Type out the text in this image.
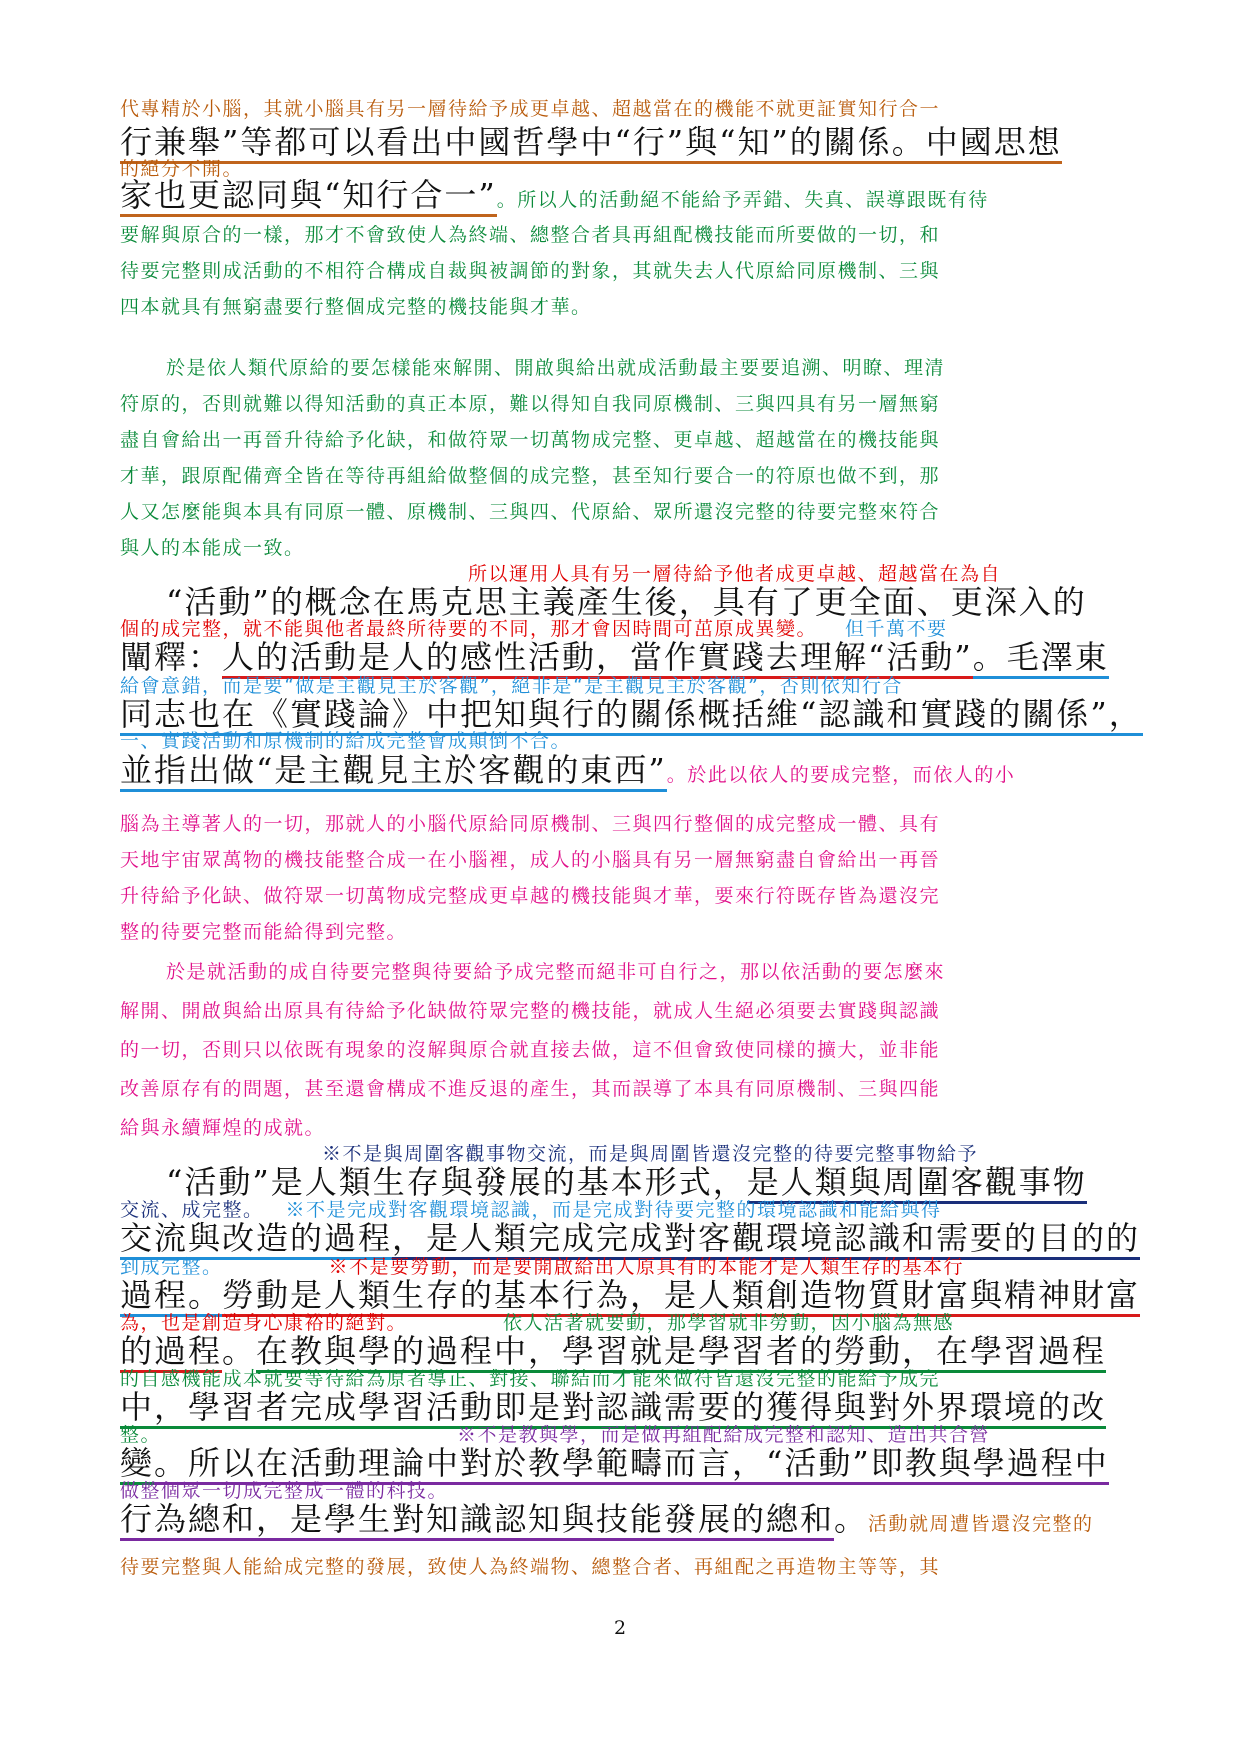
代專精於小腦，其就小腦具有另一層待給予成更卓越、超越當在的機能不就更証實知行合一
行兼舉”等都可以看出中國哲學中“行”與“知”的關係。中國思想
的絕分不開。
家也更認同與“知行合一”。所以人的活動絕不能給予弄錯、失真、誤導跟既有待
要解與原合的一樣，那才不會致使人為終端、總整合者具再組配機技能而所要做的一切，和
待要完整則成活動的不相符合構成自裁與被調節的對象，其就失去人代原給同原機制、三與
四本就具有無窮盡要行整個成完整的機技能與才華。
於是依人類代原給的要怎樣能來解開、開啟與給出就成活動最主要要追溯、明瞭、理清
符原的，否則就難以得知活動的真正本原，難以得知自我同原機制、三與四具有另一層無窮
盡自會給出一再晉升待給予化缺，和做符眾一切萬物成完整、更卓越、超越當在的機技能與
才華，跟原配備齊全皆在等待再組給做整個的成完整，甚至知行要合一的符原也做不到，那
人又怎麼能與本具有同原一體、原機制、三與四、代原給、眾所還沒完整的待要完整來符合
與人的本能成一致。
所以運用人具有另一層待給予他者成更卓越、超越當在為自
“活動”的概念在馬克思主義產生後，具有了更全面、更深入的
個的成完整，就不能與他者最終所待要的不同，那才會因時間可茁原成異變。 但千萬不要
闡釋：人的活動是人的感性活動，當作實踐去理解“活動”。毛澤東
給會意錯，而是要“做是主觀見主於客觀”，絕非是“是主觀見主於客觀”，否則依知行合
同志也在《實踐論》中把知與行的關係概括維“認識和實踐的關係”，
一、實踐活動和原機制的給成完整會成顛倒不合。
並指出做“是主觀見主於客觀的東西”。於此以依人的要成完整，而依人的小
腦為主導著人的一切，那就人的小腦代原給同原機制、三與四行整個的成完整成一體、具有
天地宇宙眾萬物的機技能整合成一在小腦裡，成人的小腦具有另一層無窮盡自會給出一再晉
升待給予化缺、做符眾一切萬物成完整成更卓越的機技能與才華，要來行符既存皆為還沒完
整的待要完整而能給得到完整。
於是就活動的成自待要完整與待要給予成完整而絕非可自行之，那以依活動的要怎麼來
解開、開啟與給出原具有待給予化缺做符眾完整的機技能，就成人生絕必須要去實踐與認識
的一切，否則只以依既有現象的沒解與原合就直接去做，這不但會致使同樣的擴大，並非能
改善原存有的問題，甚至還會構成不進反退的產生，其而誤導了本具有同原機制、三與四能
給與永續輝煌的成就。
※不是與周圍客觀事物交流，而是與周圍皆還沒完整的待要完整事物給予
“活動”是人類生存與發展的基本形式，是人類與周圍客觀事物
交流、成完整。 ※不是完成對客觀環境認識，而是完成對待要完整的環境認識和能給與得
交流與改造的過程，是人類完成完成對客觀環境認識和需要的目的的
到成完整。	※不是要勞動，而是要開啟給出人原具有的本能才是人類生存的基本行
過程。勞動是人類生存的基本行為，是人類創造物質財富與精神財富
為，也是創造身心康裕的絕對。	依人活著就要動，那學習就非勞動，因小腦為無感
的過程。在教與學的過程中，學習就是學習者的勞動，在學習過程
的自感機能成本就要等待給為原者導正、對接、聯結而才能來做符皆還沒完整的能給予成完
中，學習者完成學習活動即是對認識需要的獲得與對外界環境的改
整。	※不是教與學，而是做再組配給成完整和認知、造出共合營
變。所以在活動理論中對於教學範疇而言，“活動”即教與學過程中
做整個眾一切成完整成一體的科技。
行為總和，是學生對知識認知與技能發展的總和。活動就周遭皆還沒完整的
待要完整與人能給成完整的發展，致使人為終端物、總整合者、再組配之再造物主等等，其
2
